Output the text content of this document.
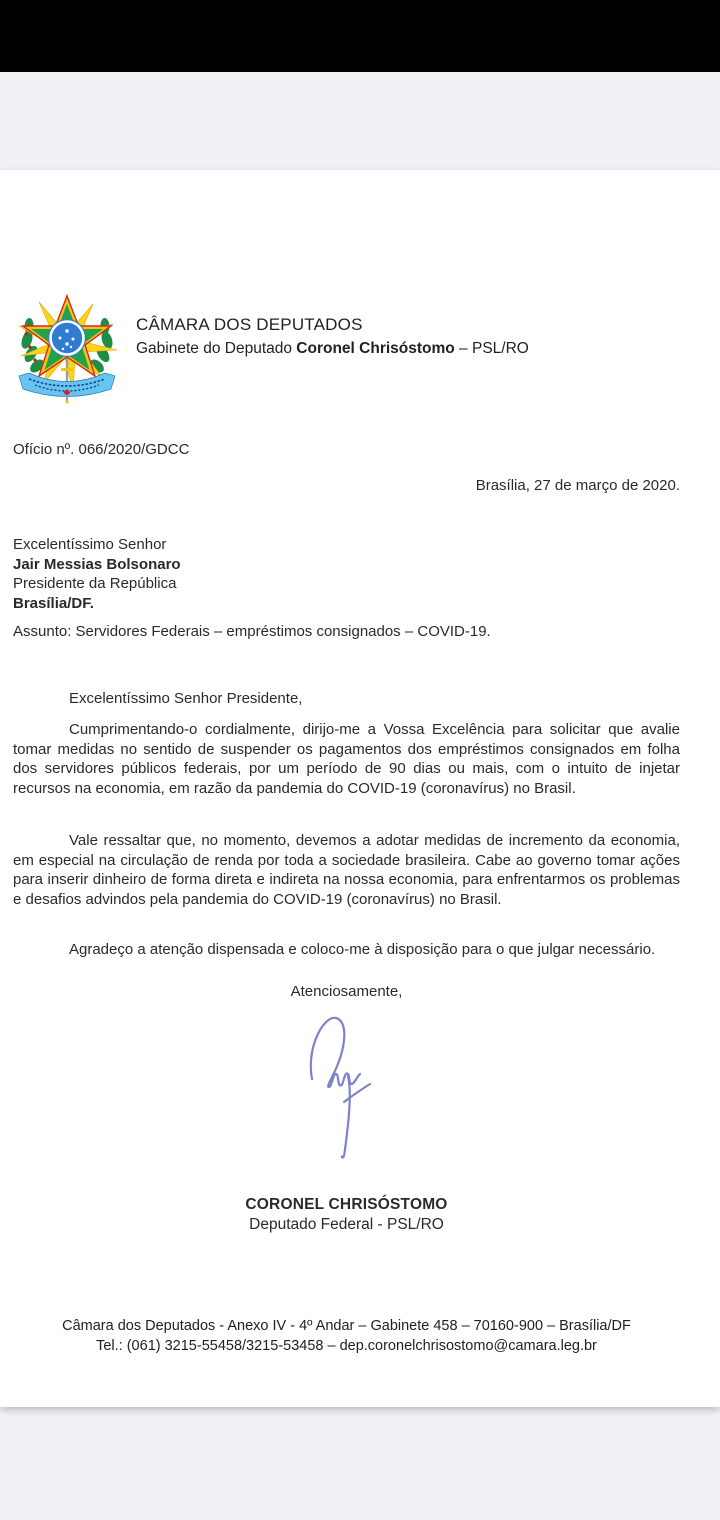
CÂMARA DOS DEPUTADOS
Gabinete do Deputado Coronel Chrisóstomo – PSL/RO
Ofício nº. 066/2020/GDCC
Brasília, 27 de março de 2020.
Excelentíssimo Senhor
Jair Messias Bolsonaro
Presidente da República
Brasília/DF.
Assunto: Servidores Federais – empréstimos consignados – COVID-19.
Excelentíssimo Senhor Presidente,

Cumprimentando-o cordialmente, dirijo-me a Vossa Excelência para solicitar que avalie tomar medidas no sentido de suspender os pagamentos dos empréstimos consignados em folha dos servidores públicos federais, por um período de 90 dias ou mais, com o intuito de injetar recursos na economia, em razão da pandemia do COVID-19 (coronavírus) no Brasil.

Vale ressaltar que, no momento, devemos a adotar medidas de incremento da economia, em especial na circulação de renda por toda a sociedade brasileira. Cabe ao governo tomar ações para inserir dinheiro de forma direta e indireta na nossa economia, para enfrentarmos os problemas e desafios advindos pela pandemia do COVID-19 (coronavírus) no Brasil.

Agradeço a atenção dispensada e coloco-me à disposição para o que julgar necessário.

Atenciosamente,
CORONEL CHRISÓSTOMO
Deputado Federal - PSL/RO
Câmara dos Deputados - Anexo IV - 4º Andar – Gabinete 458 – 70160-900 – Brasília/DF
Tel.: (061) 3215-55458/3215-53458 – dep.coronelchrisostomo@camara.leg.br
